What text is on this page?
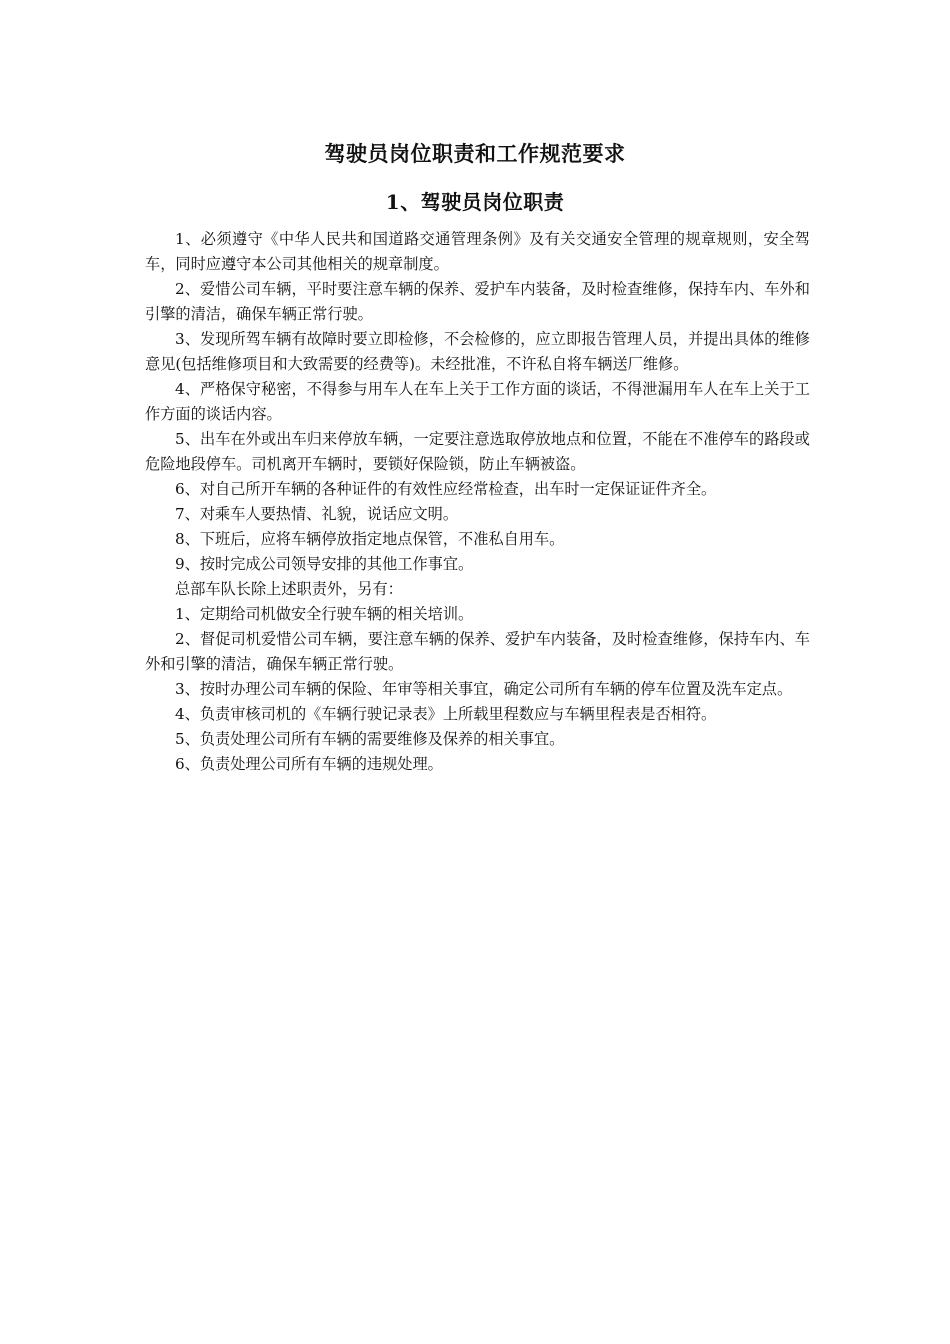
驾驶员岗位职责和工作规范要求
1、驾驶员岗位职责

1、必须遵守《中华人民共和国道路交通管理条例》及有关交通安全管理的规章规则，安全驾车，同时应遵守本公司其他相关的规章制度。

2、爱惜公司车辆，平时要注意车辆的保养、爱护车内装备，及时检查维修，保持车内、车外和引擎的清洁，确保车辆正常行驶。

3、发现所驾车辆有故障时要立即检修，不会检修的，应立即报告管理人员，并提出具体的维修意见(包括维修项目和大致需要的经费等)。未经批准，不许私自将车辆送厂维修。

4、严格保守秘密，不得参与用车人在车上关于工作方面的谈话，不得泄漏用车人在车上关于工作方面的谈话内容。

5、出车在外或出车归来停放车辆，一定要注意选取停放地点和位置，不能在不准停车的路段或危险地段停车。司机离开车辆时，要锁好保险锁，防止车辆被盗。

6、对自己所开车辆的各种证件的有效性应经常检查，出车时一定保证证件齐全。

7、对乘车人要热情、礼貌，说话应文明。

8、下班后，应将车辆停放指定地点保管，不准私自用车。

9、按时完成公司领导安排的其他工作事宜。

总部车队长除上述职责外，另有：

1、定期给司机做安全行驶车辆的相关培训。

2、督促司机爱惜公司车辆，要注意车辆的保养、爱护车内装备，及时检查维修，保持车内、车外和引擎的清洁，确保车辆正常行驶。

3、按时办理公司车辆的保险、年审等相关事宜，确定公司所有车辆的停车位置及洗车定点。

4、负责审核司机的《车辆行驶记录表》上所载里程数应与车辆里程表是否相符。

5、负责处理公司所有车辆的需要维修及保养的相关事宜。

6、负责处理公司所有车辆的违规处理。
